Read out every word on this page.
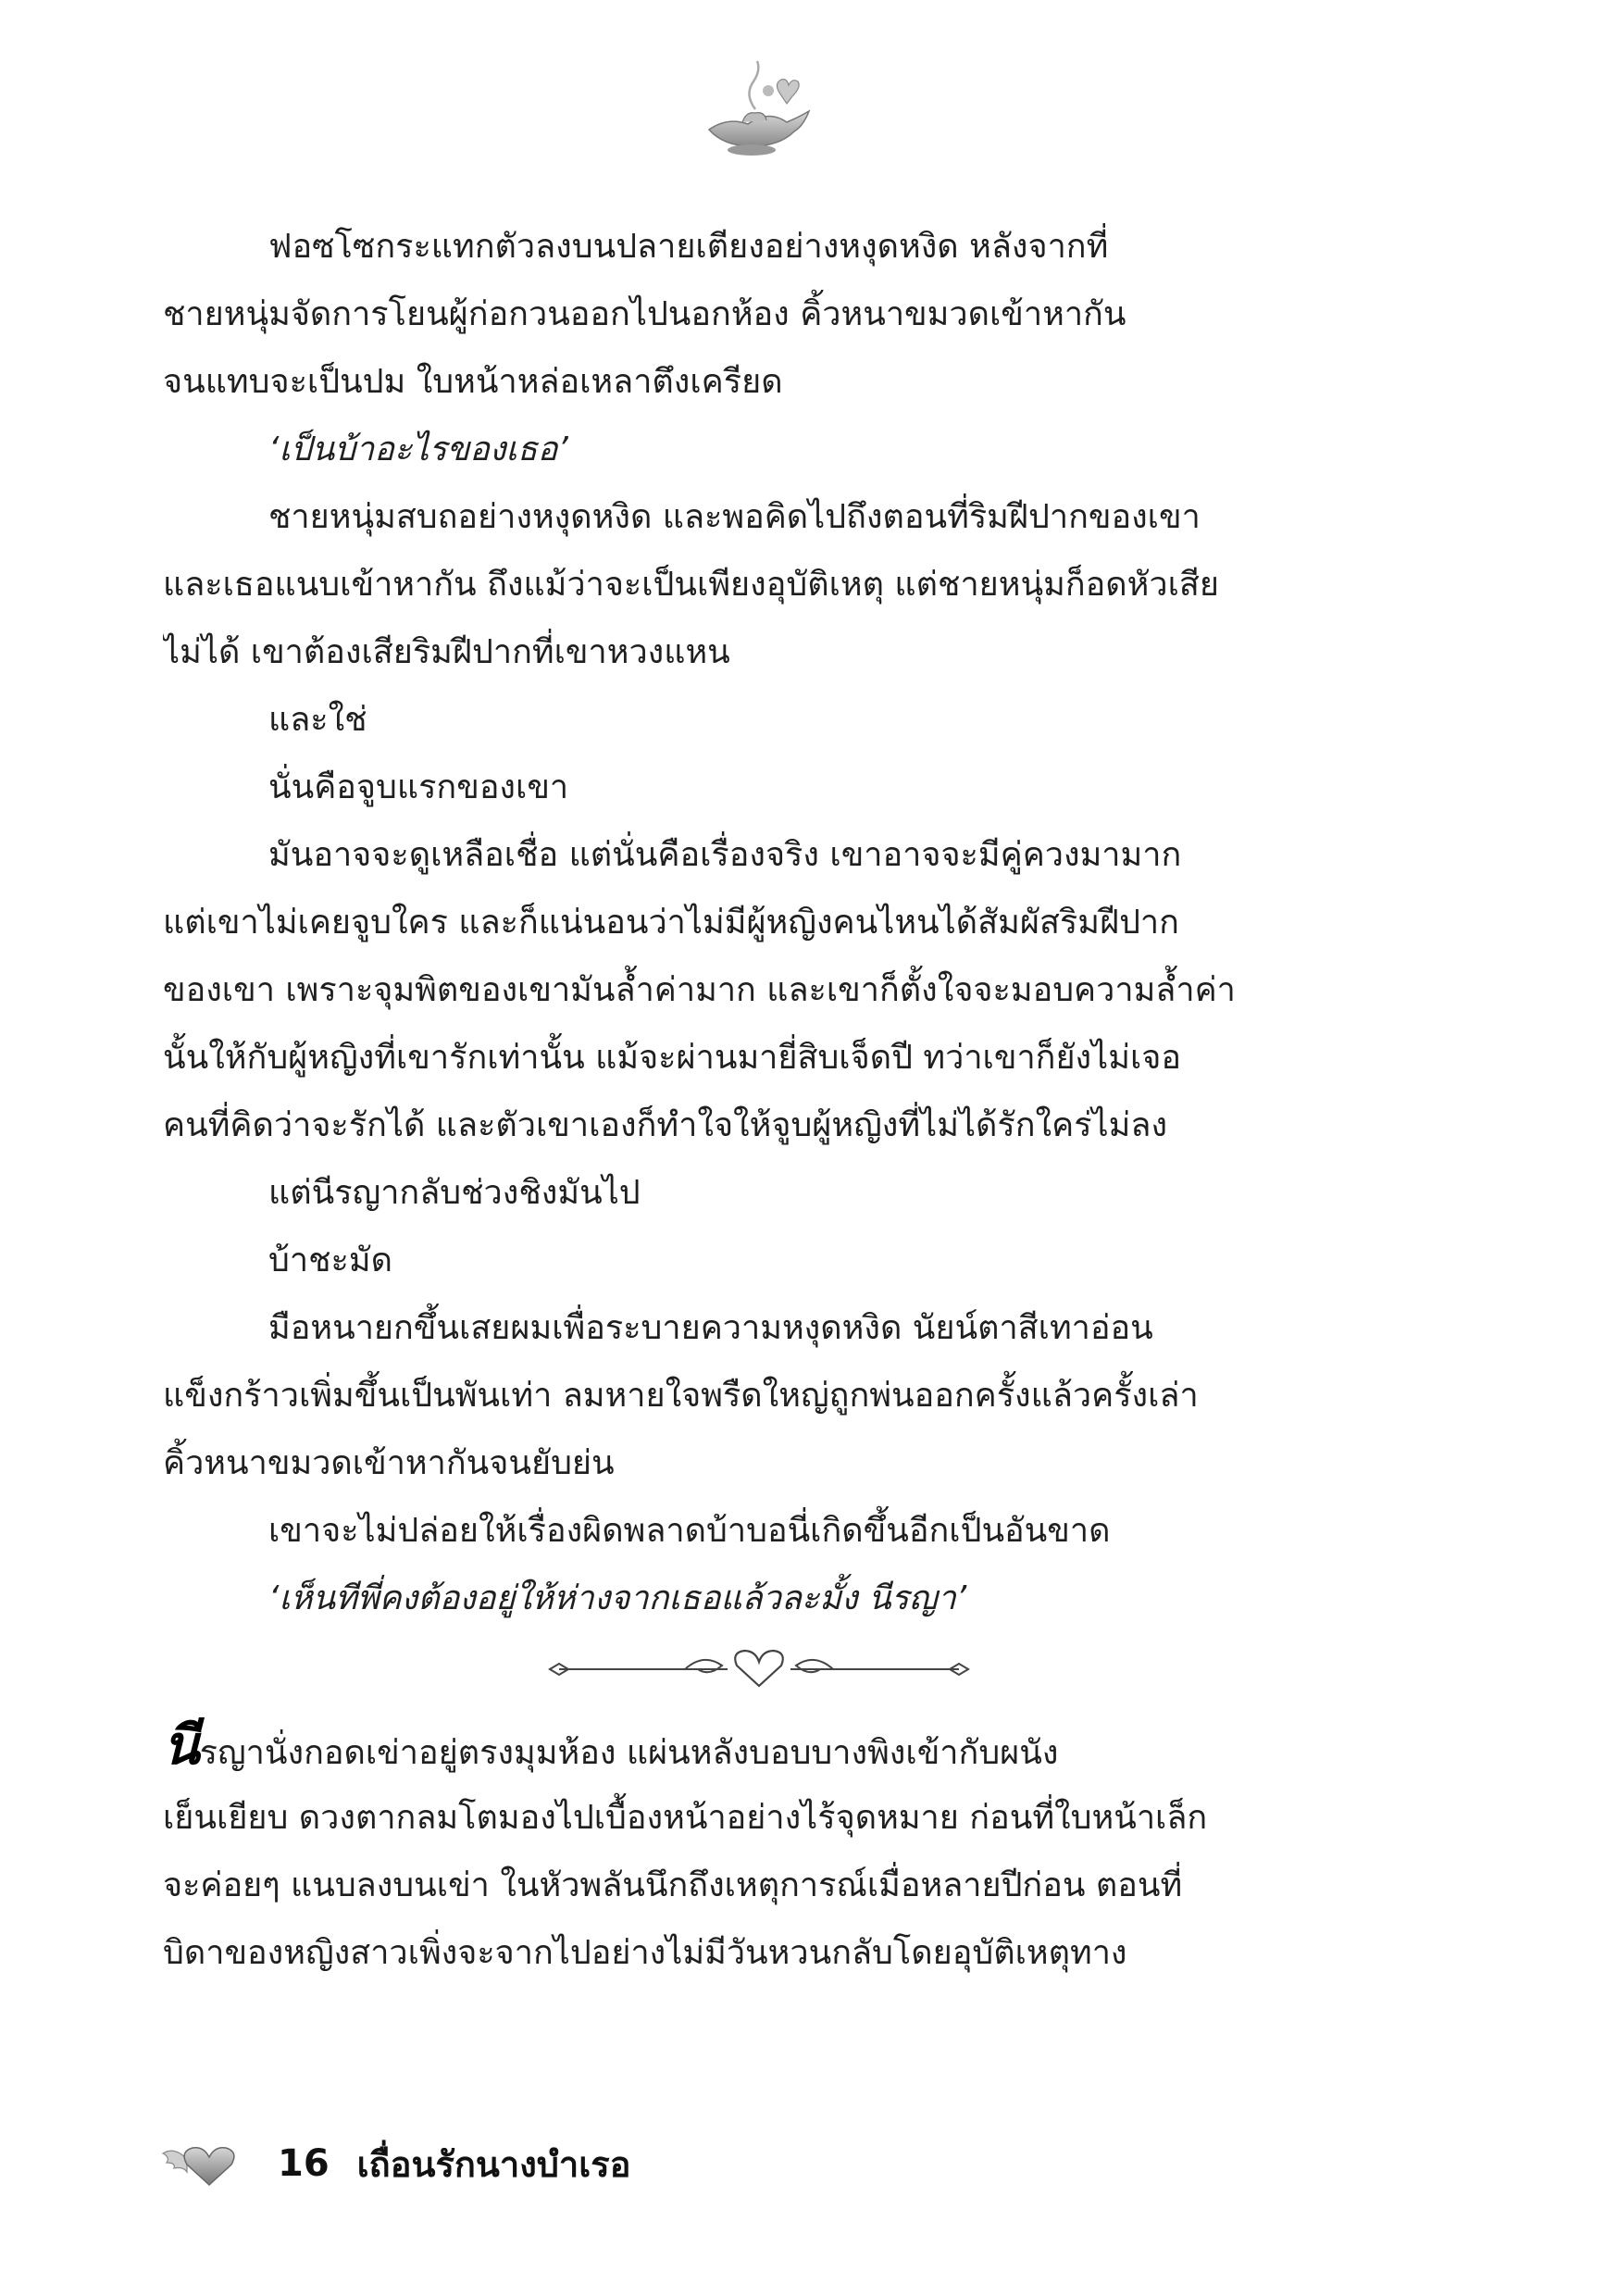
ฟอซโซกระแทกตัวลงบนปลายเตียงอย่างหงุดหงิด หลังจากที่
ชายหนุ่มจัดการโยนผู้ก่อกวนออกไปนอกห้อง คิ้วหนาขมวดเข้าหากัน
จนแทบจะเป็นปม ใบหน้าหล่อเหลาตึงเครียด
‘เป็นบ้าอะไรของเธอ’
ชายหนุ่มสบถอย่างหงุดหงิด และพอคิดไปถึงตอนที่ริมฝีปากของเขา
และเธอแนบเข้าหากัน ถึงแม้ว่าจะเป็นเพียงอุบัติเหตุ แต่ชายหนุ่มก็อดหัวเสีย
ไม่ได้ เขาต้องเสียริมฝีปากที่เขาหวงแหน
และใช่
นั่นคือจูบแรกของเขา
มันอาจจะดูเหลือเชื่อ แต่นั่นคือเรื่องจริง เขาอาจจะมีคู่ควงมามาก
แต่เขาไม่เคยจูบใคร และก็แน่นอนว่าไม่มีผู้หญิงคนไหนได้สัมผัสริมฝีปาก
ของเขา เพราะจุมพิตของเขามันล้ำค่ามาก และเขาก็ตั้งใจจะมอบความล้ำค่า
นั้นให้กับผู้หญิงที่เขารักเท่านั้น แม้จะผ่านมายี่สิบเจ็ดปี ทว่าเขาก็ยังไม่เจอ
คนที่คิดว่าจะรักได้ และตัวเขาเองก็ทำใจให้จูบผู้หญิงที่ไม่ได้รักใคร่ไม่ลง
แต่นีรญากลับช่วงชิงมันไป
บ้าชะมัด
มือหนายกขึ้นเสยผมเพื่อระบายความหงุดหงิด นัยน์ตาสีเทาอ่อน
แข็งกร้าวเพิ่มขึ้นเป็นพันเท่า ลมหายใจพรืดใหญ่ถูกพ่นออกครั้งแล้วครั้งเล่า
คิ้วหนาขมวดเข้าหากันจนยับย่น
เขาจะไม่ปล่อยให้เรื่องผิดพลาดบ้าบอนี่เกิดขึ้นอีกเป็นอันขาด
‘เห็นทีพี่คงต้องอยู่ให้ห่างจากเธอแล้วละมั้ง นีรญา’
นีรญานั่งกอดเข่าอยู่ตรงมุมห้อง แผ่นหลังบอบบางพิงเข้ากับผนัง
เย็นเยียบ ดวงตากลมโตมองไปเบื้องหน้าอย่างไร้จุดหมาย ก่อนที่ใบหน้าเล็ก
จะค่อยๆ แนบลงบนเข่า ในหัวพลันนึกถึงเหตุการณ์เมื่อหลายปีก่อน ตอนที่
บิดาของหญิงสาวเพิ่งจะจากไปอย่างไม่มีวันหวนกลับโดยอุบัติเหตุทาง
16 เถื่อนรักนางบำเรอ
